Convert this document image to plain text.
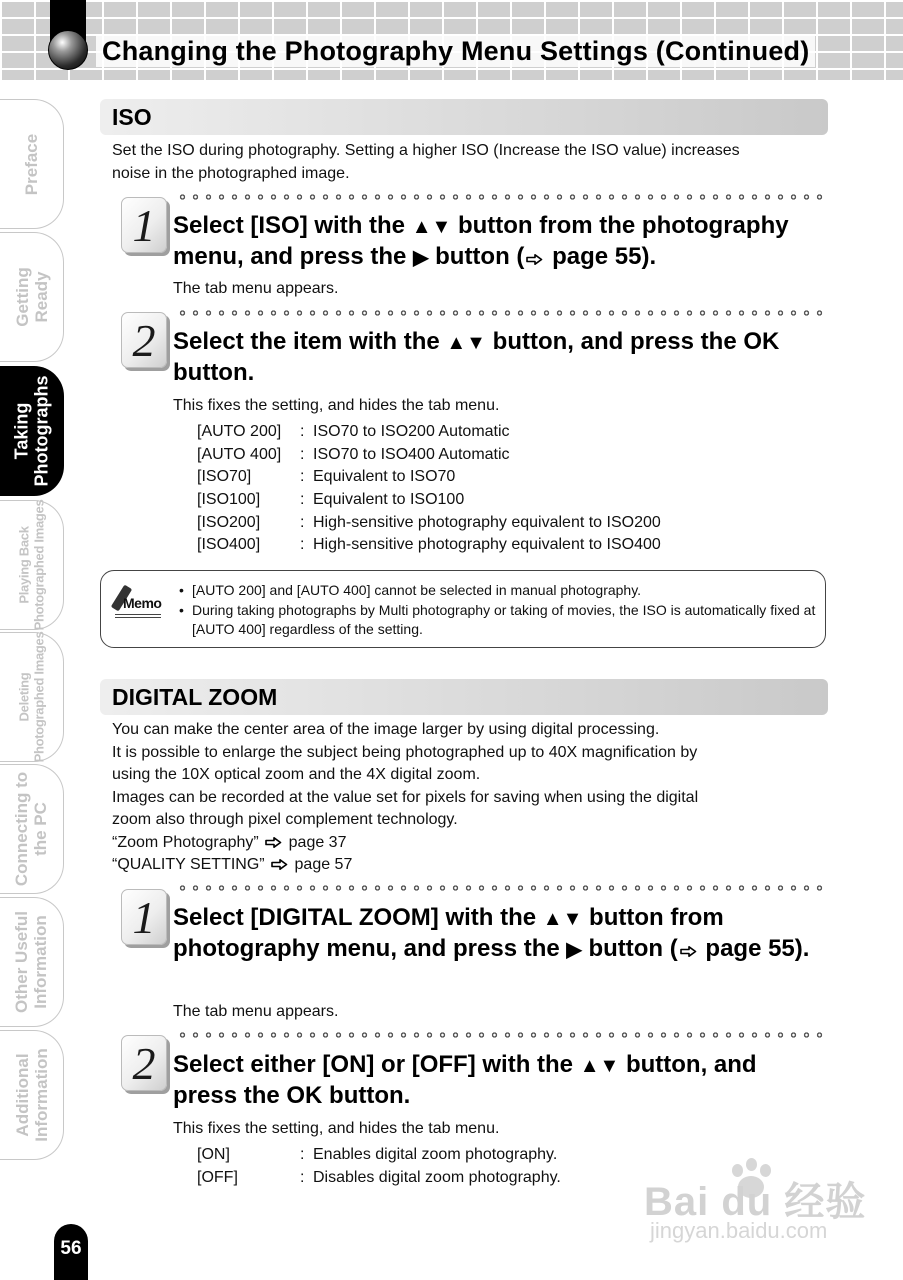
Changing the Photography Menu Settings (Continued)
Preface
Getting
Ready
Taking
Photographs
Playing Back
Photographed Images
Deleting
Photographed Images
Connecting to
the PC
Other Useful
Information
Additional
Information
ISO

Set the ISO during photography. Setting a higher ISO (Increase the ISO value) increases noise in the photographed image.

1 Select [ISO] with the ▲▼ button from the photography menu, and press the ▶ button ( page 55).

The tab menu appears.

2 Select the item with the ▲▼ button, and press the OK button.

This fixes the setting, and hides the tab menu.

[AUTO 200]	:	ISO70 to ISO200 Automatic
[AUTO 400]	:	ISO70 to ISO400 Automatic
[ISO70]	:	Equivalent to ISO70
[ISO100]	:	Equivalent to ISO100
[ISO200]	:	High-sensitive photography equivalent to ISO200
[ISO400]	:	High-sensitive photography equivalent to ISO400
Memo
• [AUTO 200] and [AUTO 400] cannot be selected in manual photography.
• During taking photographs by Multi photography or taking of movies, the ISO is automatically fixed at [AUTO 400] regardless of the setting.
DIGITAL ZOOM
You can make the center area of the image larger by using digital processing.
It is possible to enlarge the subject being photographed up to 40X magnification by
using the 10X optical zoom and the 4X digital zoom.
Images can be recorded at the value set for pixels for saving when using the digital
zoom also through pixel complement technology.
“Zoom Photography” page 37
“QUALITY SETTING” page 57
1 Select [DIGITAL ZOOM] with the ▲▼ button from photography menu, and press the ▶ button ( page 55).

The tab menu appears.

2 Select either [ON] or [OFF] with the ▲▼ button, and press the OK button.

This fixes the setting, and hides the tab menu.

[ON]	:	Enables digital zoom photography.
[OFF]	:	Disables digital zoom photography.
56
Bai du 经验
jingyan.baidu.com
